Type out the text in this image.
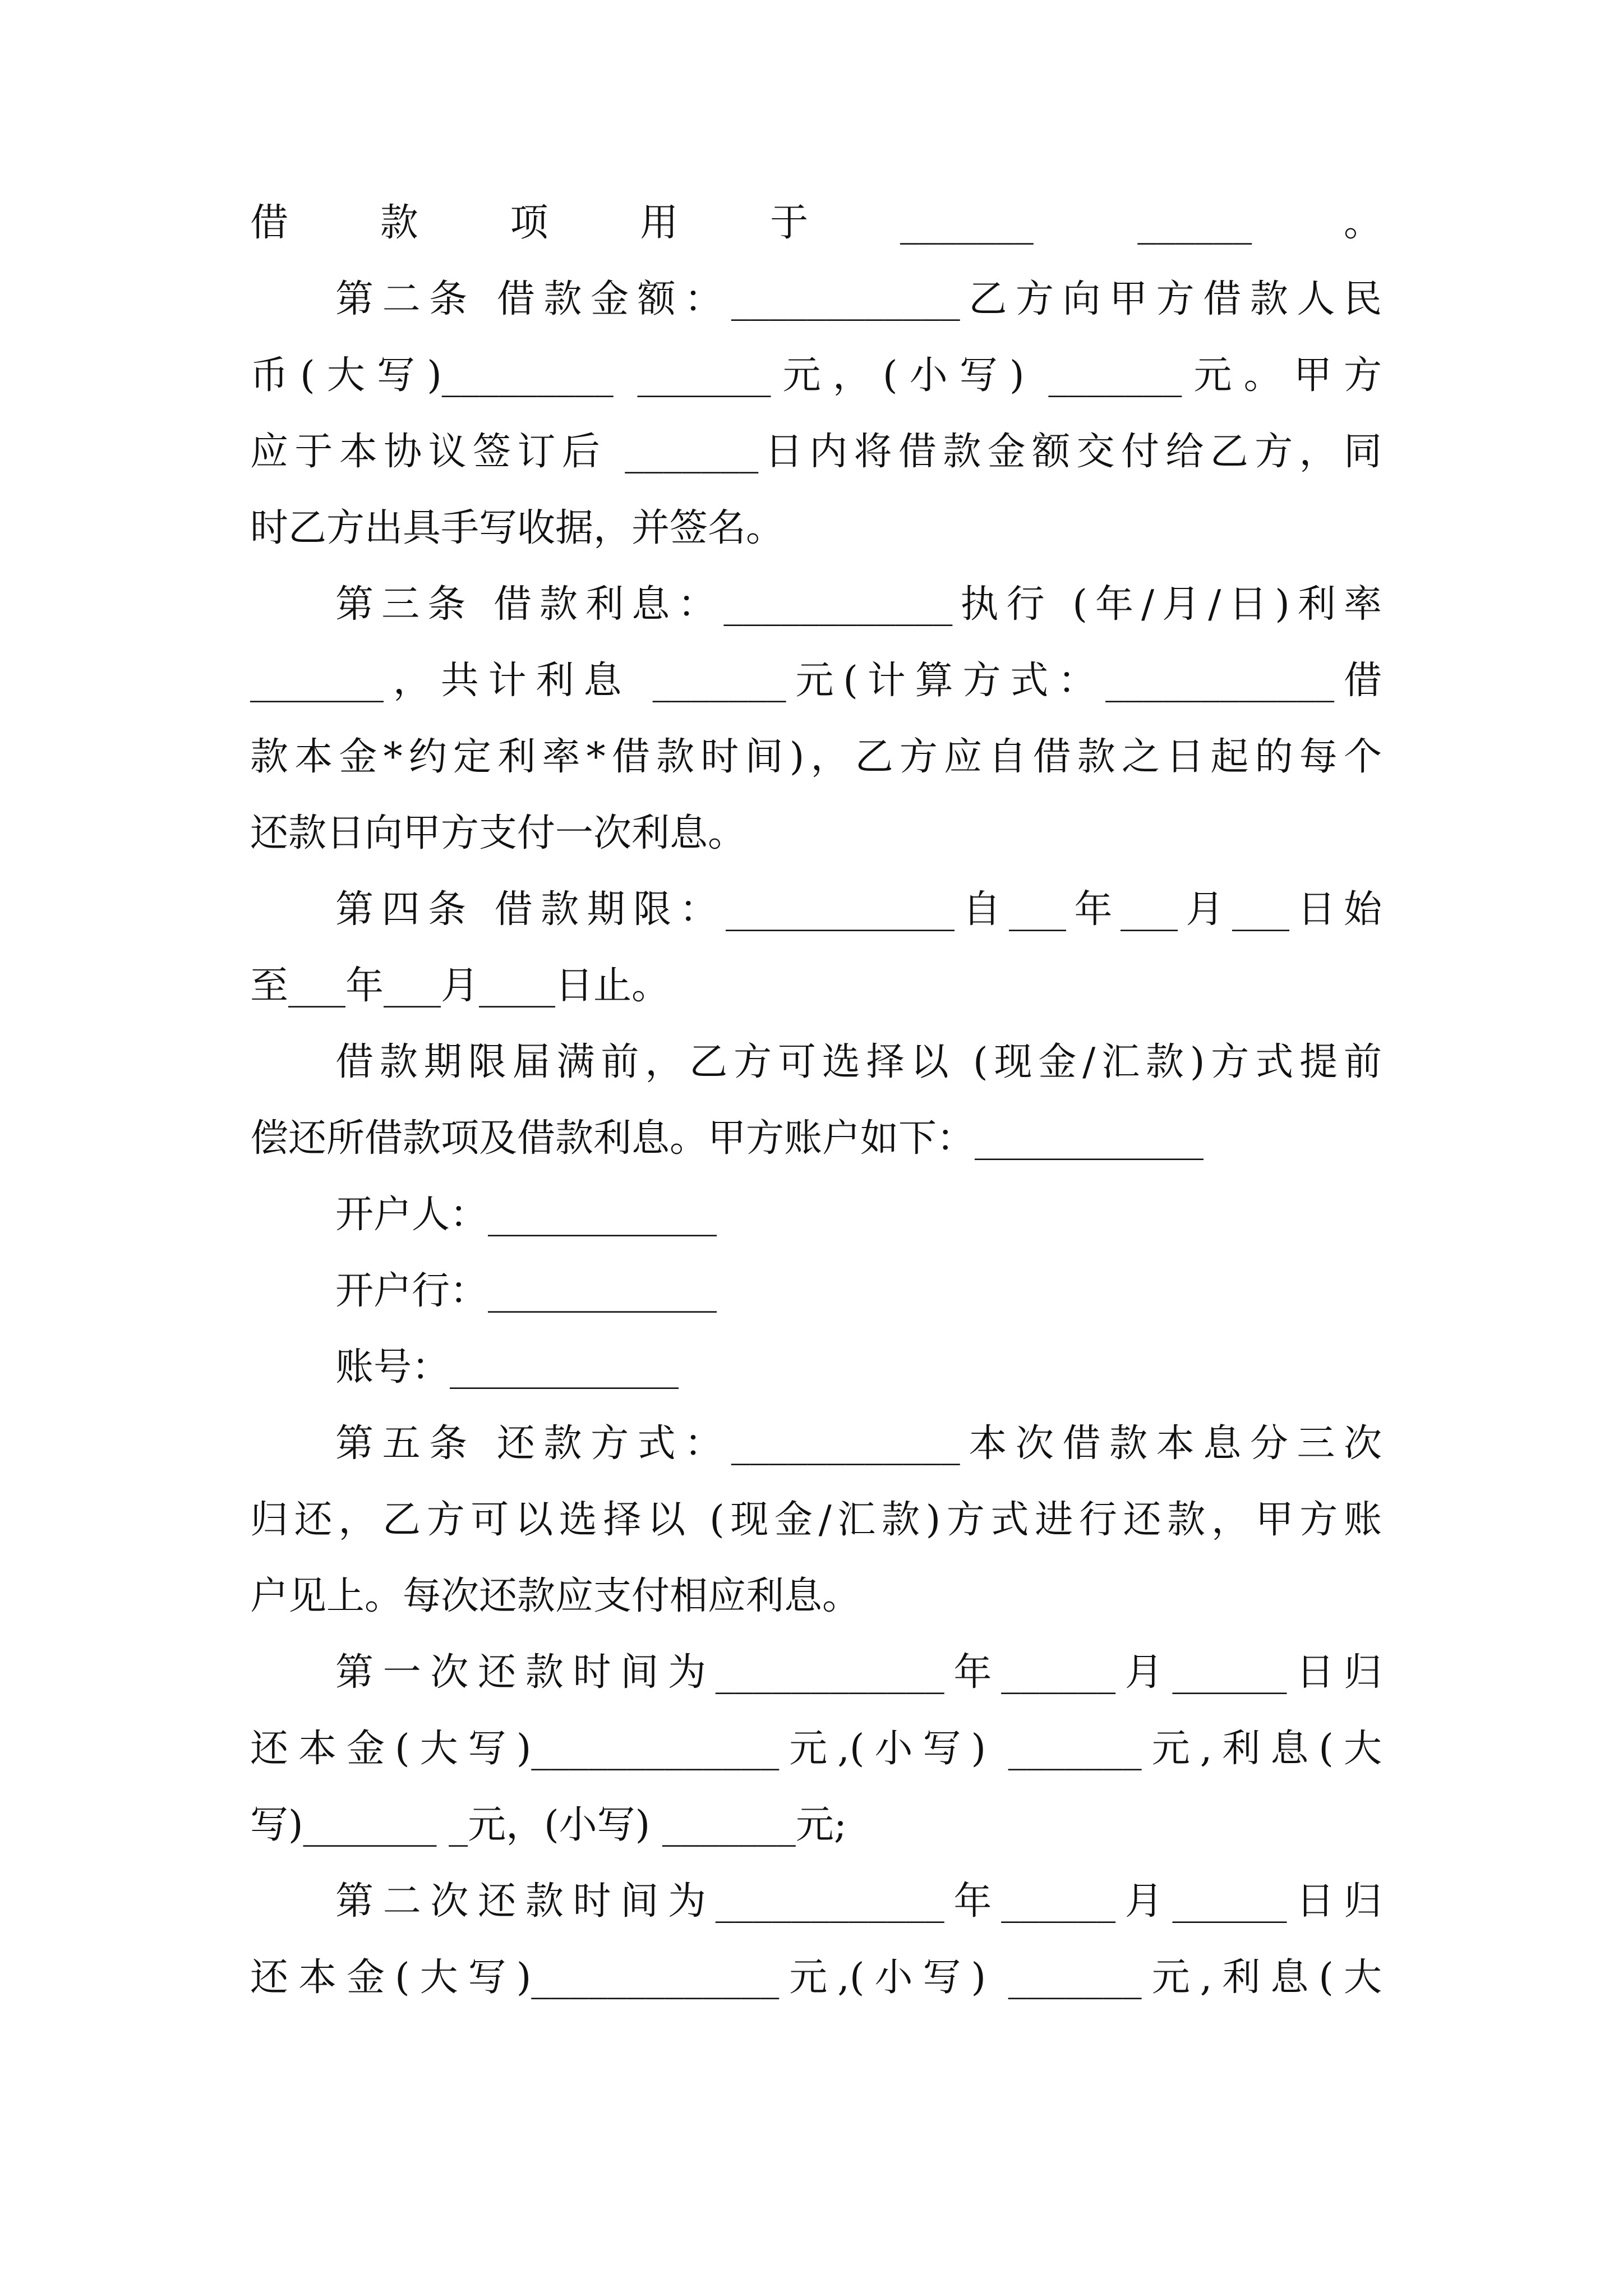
借款项用于_______ ______。
第二条 借款金额：____________乙方向甲方借款人民
币(大写)_________ _______元，(小写) _______元。甲方
应于本协议签订后 _______日内将借款金额交付给乙方，同
时乙方出具手写收据，并签名。
第三条 借款利息：____________执行 (年/月/日)利率
_______，共计利息 _______元(计算方式：____________借
款本金*约定利率*借款时间)，乙方应自借款之日起的每个
还款日向甲方支付一次利息。
第四条 借款期限：____________自___年___月___日始
至___年___月____日止。
借款期限届满前，乙方可选择以 (现金/汇款)方式提前
偿还所借款项及借款利息。甲方账户如下：____________
开户人：____________
开户行：____________
账号：____________
第五条 还款方式：____________本次借款本息分三次
归还，乙方可以选择以 (现金/汇款)方式进行还款，甲方账
户见上。每次还款应支付相应利息。
第一次还款时间为____________年______月______日归
还本金(大写)_____________元,(小写) _______元,利息(大
写)_______ _元，(小写) _______元;
第二次还款时间为____________年______月______日归
还本金(大写)_____________元,(小写) _______元,利息(大
